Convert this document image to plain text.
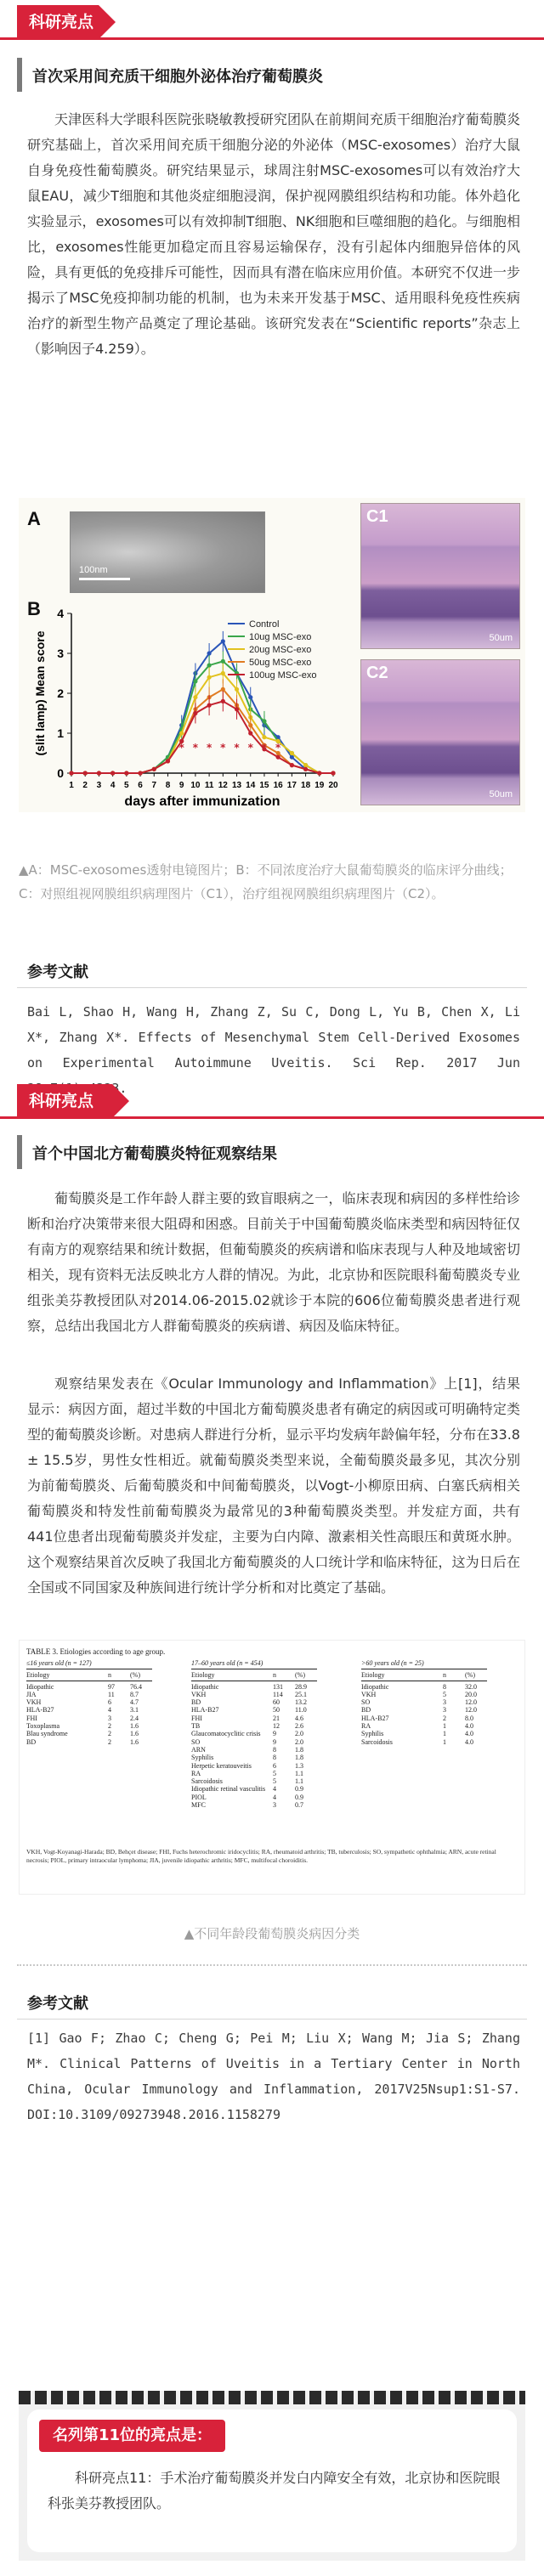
科研亮点 9
首次采用间充质干细胞外泌体治疗葡萄膜炎
天津医科大学眼科医院张晓敏教授研究团队在前期间充质干细胞治疗葡萄膜炎研究基础上，首次采用间充质干细胞分泌的外泌体（MSC-exosomes）治疗大鼠自身免疫性葡萄膜炎。研究结果显示，球周注射MSC-exosomes可以有效治疗大鼠EAU，减少T细胞和其他炎症细胞浸润，保护视网膜组织结构和功能。体外趋化实验显示，exosomes可以有效抑制T细胞、NK细胞和巨噬细胞的趋化。与细胞相比，exosomes性能更加稳定而且容易运输保存，没有引起体内细胞异倍体的风险，具有更低的免疫排斥可能性，因而具有潜在临床应用价值。本研究不仅进一步揭示了MSC免疫抑制功能的机制，也为未来开发基于MSC、适用眼科免疫性疾病治疗的新型生物产品奠定了理论基础。该研究发表在“Scientific reports”杂志上（影响因子4.259）。
A
100nm
B
0
1
2
3
4
1 2 3 4 5 6 7 8 9 10 11 12 13 14 15 16 17 18 19 20
days after immunization
(slit lamp) Mean score	* * * * * * * *
Control
10ug MSC-exo
20ug MSC-exo
50ug MSC-exo
100ug MSC-exo
C1
50um
C2
50um
▲A：MSC-exosomes透射电镜图片；B：不同浓度治疗大鼠葡萄膜炎的临床评分曲线；C：对照组视网膜组织病理图片（C1），治疗组视网膜组织病理图片（C2）。
参考文献
Bai L, Shao H, Wang H, Zhang Z, Su C, Dong L, Yu B, Chen X, Li X*, Zhang X*. Effects of Mesenchymal Stem Cell-Derived Exosomes on Experimental Autoimmune Uveitis. Sci Rep. 2017 Jun
科研亮点 10
首个中国北方葡萄膜炎特征观察结果
葡萄膜炎是工作年龄人群主要的致盲眼病之一，临床表现和病因的多样性给诊断和治疗决策带来很大阻碍和困惑。目前关于中国葡萄膜炎临床类型和病因特征仅有南方的观察结果和统计数据，但葡萄膜炎的疾病谱和临床表现与人种及地域密切相关，现有资料无法反映北方人群的情况。为此，北京协和医院眼科葡萄膜炎专业组张美芬教授团队对2014.06-2015.02就诊于本院的606位葡萄膜炎患者进行观察，总结出我国北方人群葡萄膜炎的疾病谱、病因及临床特征。
观察结果发表在《Ocular Immunology and Inflammation》上[1]，结果显示：病因方面，超过半数的中国北方葡萄膜炎患者有确定的病因或可明确特定类型的葡萄膜炎诊断。对患病人群进行分析，显示平均发病年龄偏年轻，分布在33.8 ± 15.5岁，男性女性相近。就葡萄膜炎类型来说，全葡萄膜炎最多见，其次分别为前葡萄膜炎、后葡萄膜炎和中间葡萄膜炎，以Vogt-小柳原田病、白塞氏病相关葡萄膜炎和特发性前葡萄膜炎为最常见的3种葡萄膜炎类型。并发症方面，共有441位患者出现葡萄膜炎并发症，主要为白内障、激素相关性高眼压和黄斑水肿。这个观察结果首次反映了我国北方葡萄膜炎的人口统计学和临床特征，这为日后在全国或不同国家及种族间进行统计学分析和对比奠定了基础。
TABLE 3. Etiologies according to age group.
≤16 years old (n = 127)
Etiology	n	(%)
Idiopathic	97	76.4
JIA	11	8.7
VKH	6	4.7
HLA-B27	4	3.1
FHI	3	2.4
Toxoplasma	2	1.6
Blau syndrome	2	1.6
BD	2	1.6
17–60 years old (n = 454)
Etiology	n	(%)
Idiopathic	131	28.9
VKH	114	25.1
BD	60	13.2
HLA-B27	50	11.0
FHI	21	4.6
TB	12	2.6
Glaucomatocyclitic crisis	9	2.0
SO	9	2.0
ARN	8	1.8
Syphilis	8	1.8
Herpetic keratouveitis	6	1.3
RA	5	1.1
Sarcoidosis	5	1.1
Idiopathic retinal vasculitis	4	0.9
PIOL	4	0.9
MFC	3	0.7
>60 years old (n = 25)
Etiology	n	(%)
Idiopathic	8	32.0
VKH	5	20.0
SO	3	12.0
BD	3	12.0
HLA-B27	2	8.0
RA	1	4.0
Syphilis	1	4.0
Sarcoidosis	1	4.0
VKH, Vogt-Koyanagi-Harada; BD, Behçet disease; FHI, Fuchs heterochromic iridocyclitis; RA, rheumatoid arthritis; TB, tuberculosis; SO, sympathetic ophthalmia; ARN, acute retinal necrosis; PIOL, primary intraocular lymphoma; JIA, juvenile idiopathic arthritis; MFC, multifocal choroiditis.
▲不同年龄段葡萄膜炎病因分类
参考文献
[1] Gao F; Zhao C; Cheng G; Pei M; Liu X; Wang M; Jia S; Zhang M*. Clinical Patterns of Uveitis in a Tertiary Center in North China, Ocular Immunology and Inflammation, 2017V25Nsup1:S1-S7. DOI:10.3109/09273948.2016.1158279
名列第11位的亮点是：
科研亮点11：手术治疗葡萄膜炎并发白内障安全有效，北京协和医院眼科张美芬教授团队。
